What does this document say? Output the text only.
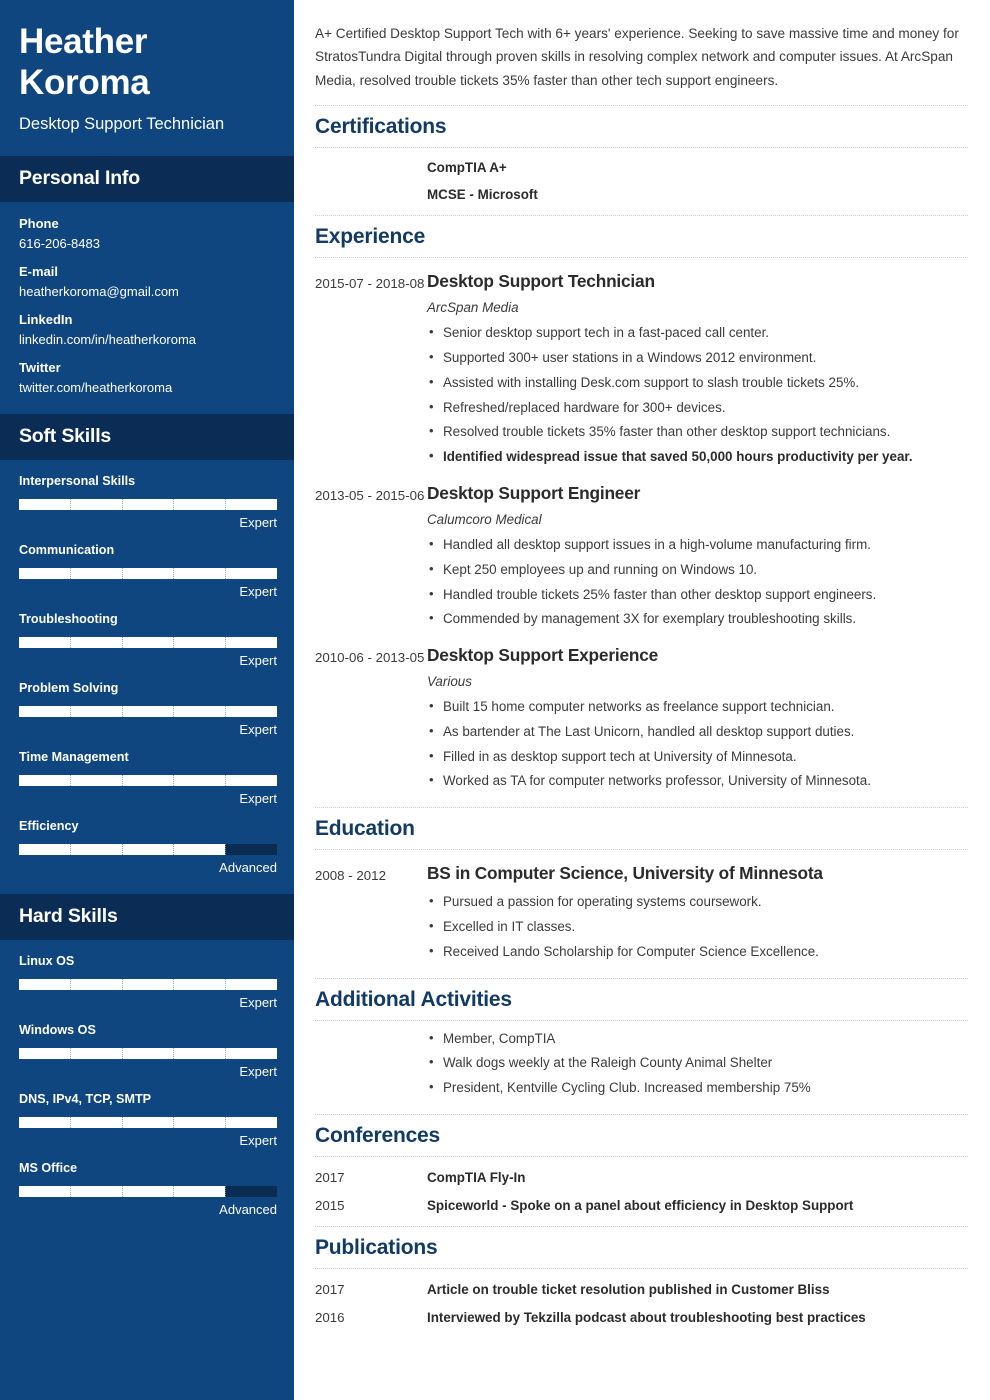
Heather Koroma
Desktop Support Technician
Personal Info
Phone
616-206-8483
E-mail
heatherkoroma@gmail.com
LinkedIn
linkedin.com/in/heatherkoroma
Twitter
twitter.com/heatherkoroma
Soft Skills
Interpersonal Skills
Expert
Communication
Expert
Troubleshooting
Expert
Problem Solving
Expert
Time Management
Expert
Efficiency
Advanced
Hard Skills
Linux OS
Expert
Windows OS
Expert
DNS, IPv4, TCP, SMTP
Expert
MS Office
Advanced

A+ Certified Desktop Support Tech with 6+ years' experience. Seeking to save massive time and money for StratosTundra Digital through proven skills in resolving complex network and computer issues. At ArcSpan Media, resolved trouble tickets 35% faster than other tech support engineers.

Certifications
CompTIA A+
MCSE - Microsoft
Experience
2015-07 - 2018-08 Desktop Support Technician
ArcSpan Media
• Senior desktop support tech in a fast-paced call center.
• Supported 300+ user stations in a Windows 2012 environment.
• Assisted with installing Desk.com support to slash trouble tickets 25%.
• Refreshed/replaced hardware for 300+ devices.
• Resolved trouble tickets 35% faster than other desktop support technicians.
• Identified widespread issue that saved 50,000 hours productivity per year.
2013-05 - 2015-06 Desktop Support Engineer
Calumcoro Medical
• Handled all desktop support issues in a high-volume manufacturing firm.
• Kept 250 employees up and running on Windows 10.
• Handled trouble tickets 25% faster than other desktop support engineers.
• Commended by management 3X for exemplary troubleshooting skills.
2010-06 - 2013-05 Desktop Support Experience
Various
• Built 15 home computer networks as freelance support technician.
• As bartender at The Last Unicorn, handled all desktop support duties.
• Filled in as desktop support tech at University of Minnesota.
• Worked as TA for computer networks professor, University of Minnesota.
Education
2008 - 2012	BS in Computer Science, University of Minnesota
• Pursued a passion for operating systems coursework.
• Excelled in IT classes.
• Received Lando Scholarship for Computer Science Excellence.
Additional Activities
• Member, CompTIA
• Walk dogs weekly at the Raleigh County Animal Shelter
• President, Kentville Cycling Club. Increased membership 75%
Conferences
2017	CompTIA Fly-In
2015	Spiceworld - Spoke on a panel about efficiency in Desktop Support
Publications
2017	Article on trouble ticket resolution published in Customer Bliss
2016	Interviewed by Tekzilla podcast about troubleshooting best practices
